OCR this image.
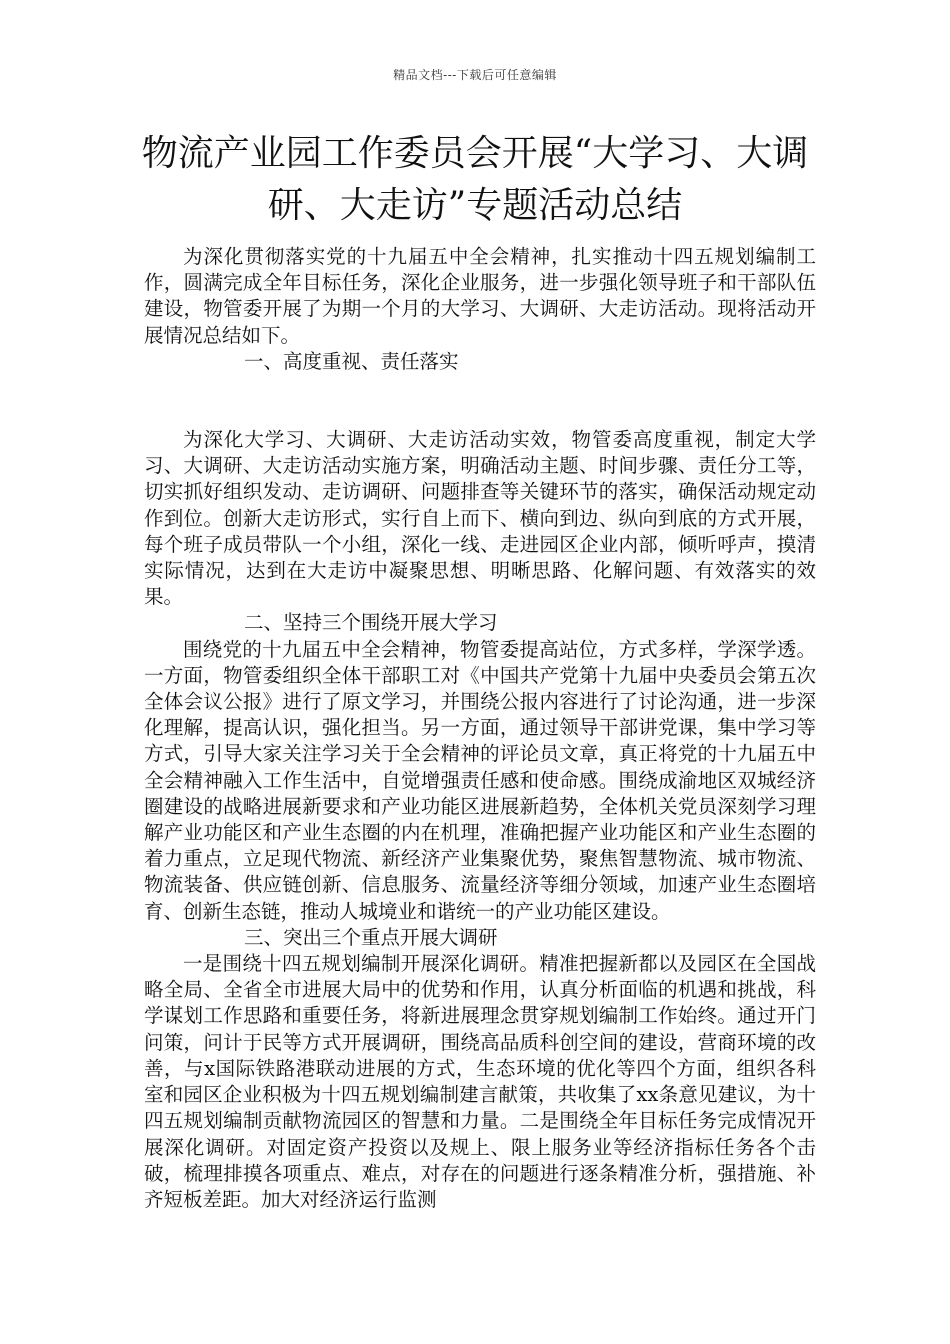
精品文档---下载后可任意编辑
物流产业园工作委员会开展“大学习、大调研、大走访”专题活动总结

为深化贯彻落实党的十九届五中全会精神，扎实推动十四五规划编制工作，圆满完成全年目标任务，深化企业服务，进一步强化领导班子和干部队伍建设，物管委开展了为期一个月的大学习、大调研、大走访活动。现将活动开展情况总结如下。

一、高度重视、责任落实

为深化大学习、大调研、大走访活动实效，物管委高度重视，制定大学习、大调研、大走访活动实施方案，明确活动主题、时间步骤、责任分工等，切实抓好组织发动、走访调研、问题排查等关键环节的落实，确保活动规定动作到位。创新大走访形式，实行自上而下、横向到边、纵向到底的方式开展，每个班子成员带队一个小组，深化一线、走进园区企业内部，倾听呼声，摸清实际情况，达到在大走访中凝聚思想、明晰思路、化解问题、有效落实的效果。

二、坚持三个围绕开展大学习

围绕党的十九届五中全会精神，物管委提高站位，方式多样，学深学透。一方面，物管委组织全体干部职工对《中国共产党第十九届中央委员会第五次全体会议公报》进行了原文学习，并围绕公报内容进行了讨论沟通，进一步深化理解，提高认识，强化担当。另一方面，通过领导干部讲党课，集中学习等方式，引导大家关注学习关于全会精神的评论员文章，真正将党的十九届五中全会精神融入工作生活中，自觉增强责任感和使命感。围绕成渝地区双城经济圈建设的战略进展新要求和产业功能区进展新趋势，全体机关党员深刻学习理解产业功能区和产业生态圈的内在机理，准确把握产业功能区和产业生态圈的着力重点，立足现代物流、新经济产业集聚优势，聚焦智慧物流、城市物流、物流装备、供应链创新、信息服务、流量经济等细分领域，加速产业生态圈培育、创新生态链，推动人城境业和谐统一的产业功能区建设。

三、突出三个重点开展大调研

一是围绕十四五规划编制开展深化调研。精准把握新都以及园区在全国战略全局、全省全市进展大局中的优势和作用，认真分析面临的机遇和挑战，科学谋划工作思路和重要任务，将新进展理念贯穿规划编制工作始终。通过开门问策，问计于民等方式开展调研，围绕高品质科创空间的建设，营商环境的改善，与x国际铁路港联动进展的方式，生态环境的优化等四个方面，组织各科室和园区企业积极为十四五规划编制建言献策，共收集了xx条意见建议，为十四五规划编制贡献物流园区的智慧和力量。二是围绕全年目标任务完成情况开展深化调研。对固定资产投资以及规上、限上服务业等经济指标任务各个击破，梳理排摸各项重点、难点，对存在的问题进行逐条精准分析，强措施、补齐短板差距。加大对经济运行监测
